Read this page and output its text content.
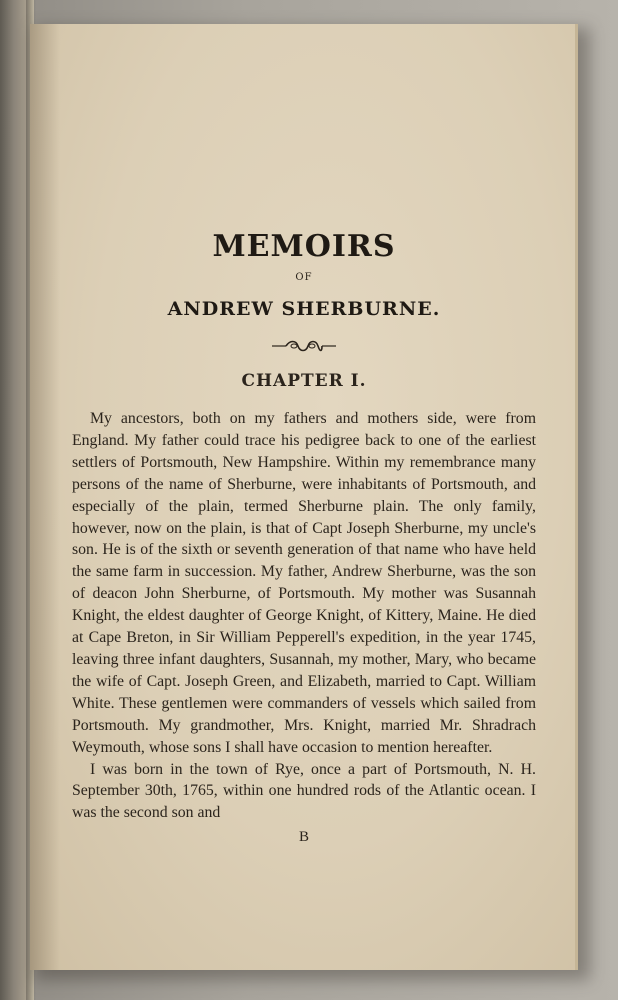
MEMOIRS

OF

ANDREW SHERBURNE.
CHAPTER I.

My ancestors, both on my fathers and mothers side, were from England. My father could trace his pedigree back to one of the earliest settlers of Portsmouth, New Hampshire. Within my remembrance many persons of the name of Sherburne, were inhabitants of Portsmouth, and especially of the plain, termed Sherburne plain. The only family, however, now on the plain, is that of Capt Joseph Sherburne, my uncle's son. He is of the sixth or seventh generation of that name who have held the same farm in succession. My father, Andrew Sherburne, was the son of deacon John Sherburne, of Portsmouth. My mother was Susannah Knight, the eldest daughter of George Knight, of Kittery, Maine. He died at Cape Breton, in Sir William Pepperell's expedition, in the year 1745, leaving three infant daughters, Susannah, my mother, Mary, who became the wife of Capt. Joseph Green, and Elizabeth, married to Capt. William White. These gentlemen were commanders of vessels which sailed from Portsmouth. My grandmother, Mrs. Knight, married Mr. Shradrach Weymouth, whose sons I shall have occasion to mention hereafter.

I was born in the town of Rye, once a part of Portsmouth, N. H. September 30th, 1765, within one hundred rods of the Atlantic ocean. I was the second son and

B
